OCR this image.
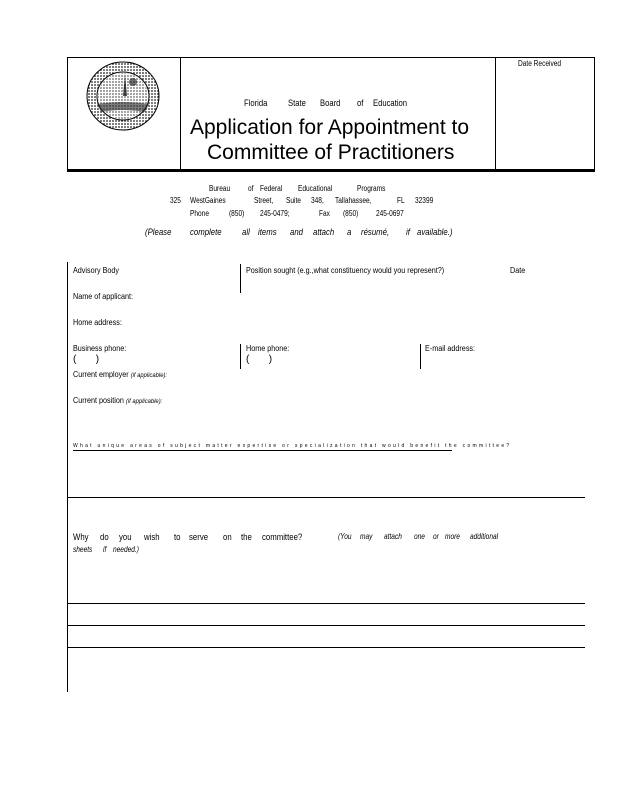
Date Received
Florida State Board of Education
Application for Appointment to
Committee of Practitioners
Bureau of Federal Educational	Programs
325 WestGaines	Street, Suite 348, Tallahassee,	FL 32399
Phone	(850) 245-0479;	Fax (850) 245-0697
(Please complete all items and attach a résumé, if available.)
Advisory Body	Position sought (e.g.,what constituency would you represent?)	Date
Name of applicant:
Home address:
Business phone:
(       )
Home phone:
(       )
E-mail address:
Current employer (if applicable):
Current position (if applicable):
What unique areas of subject matter expertise or specialization that would benefit the committee?
Why do you wish to serve on the committee?	(You may attach one or more additional
sheets if needed.)
